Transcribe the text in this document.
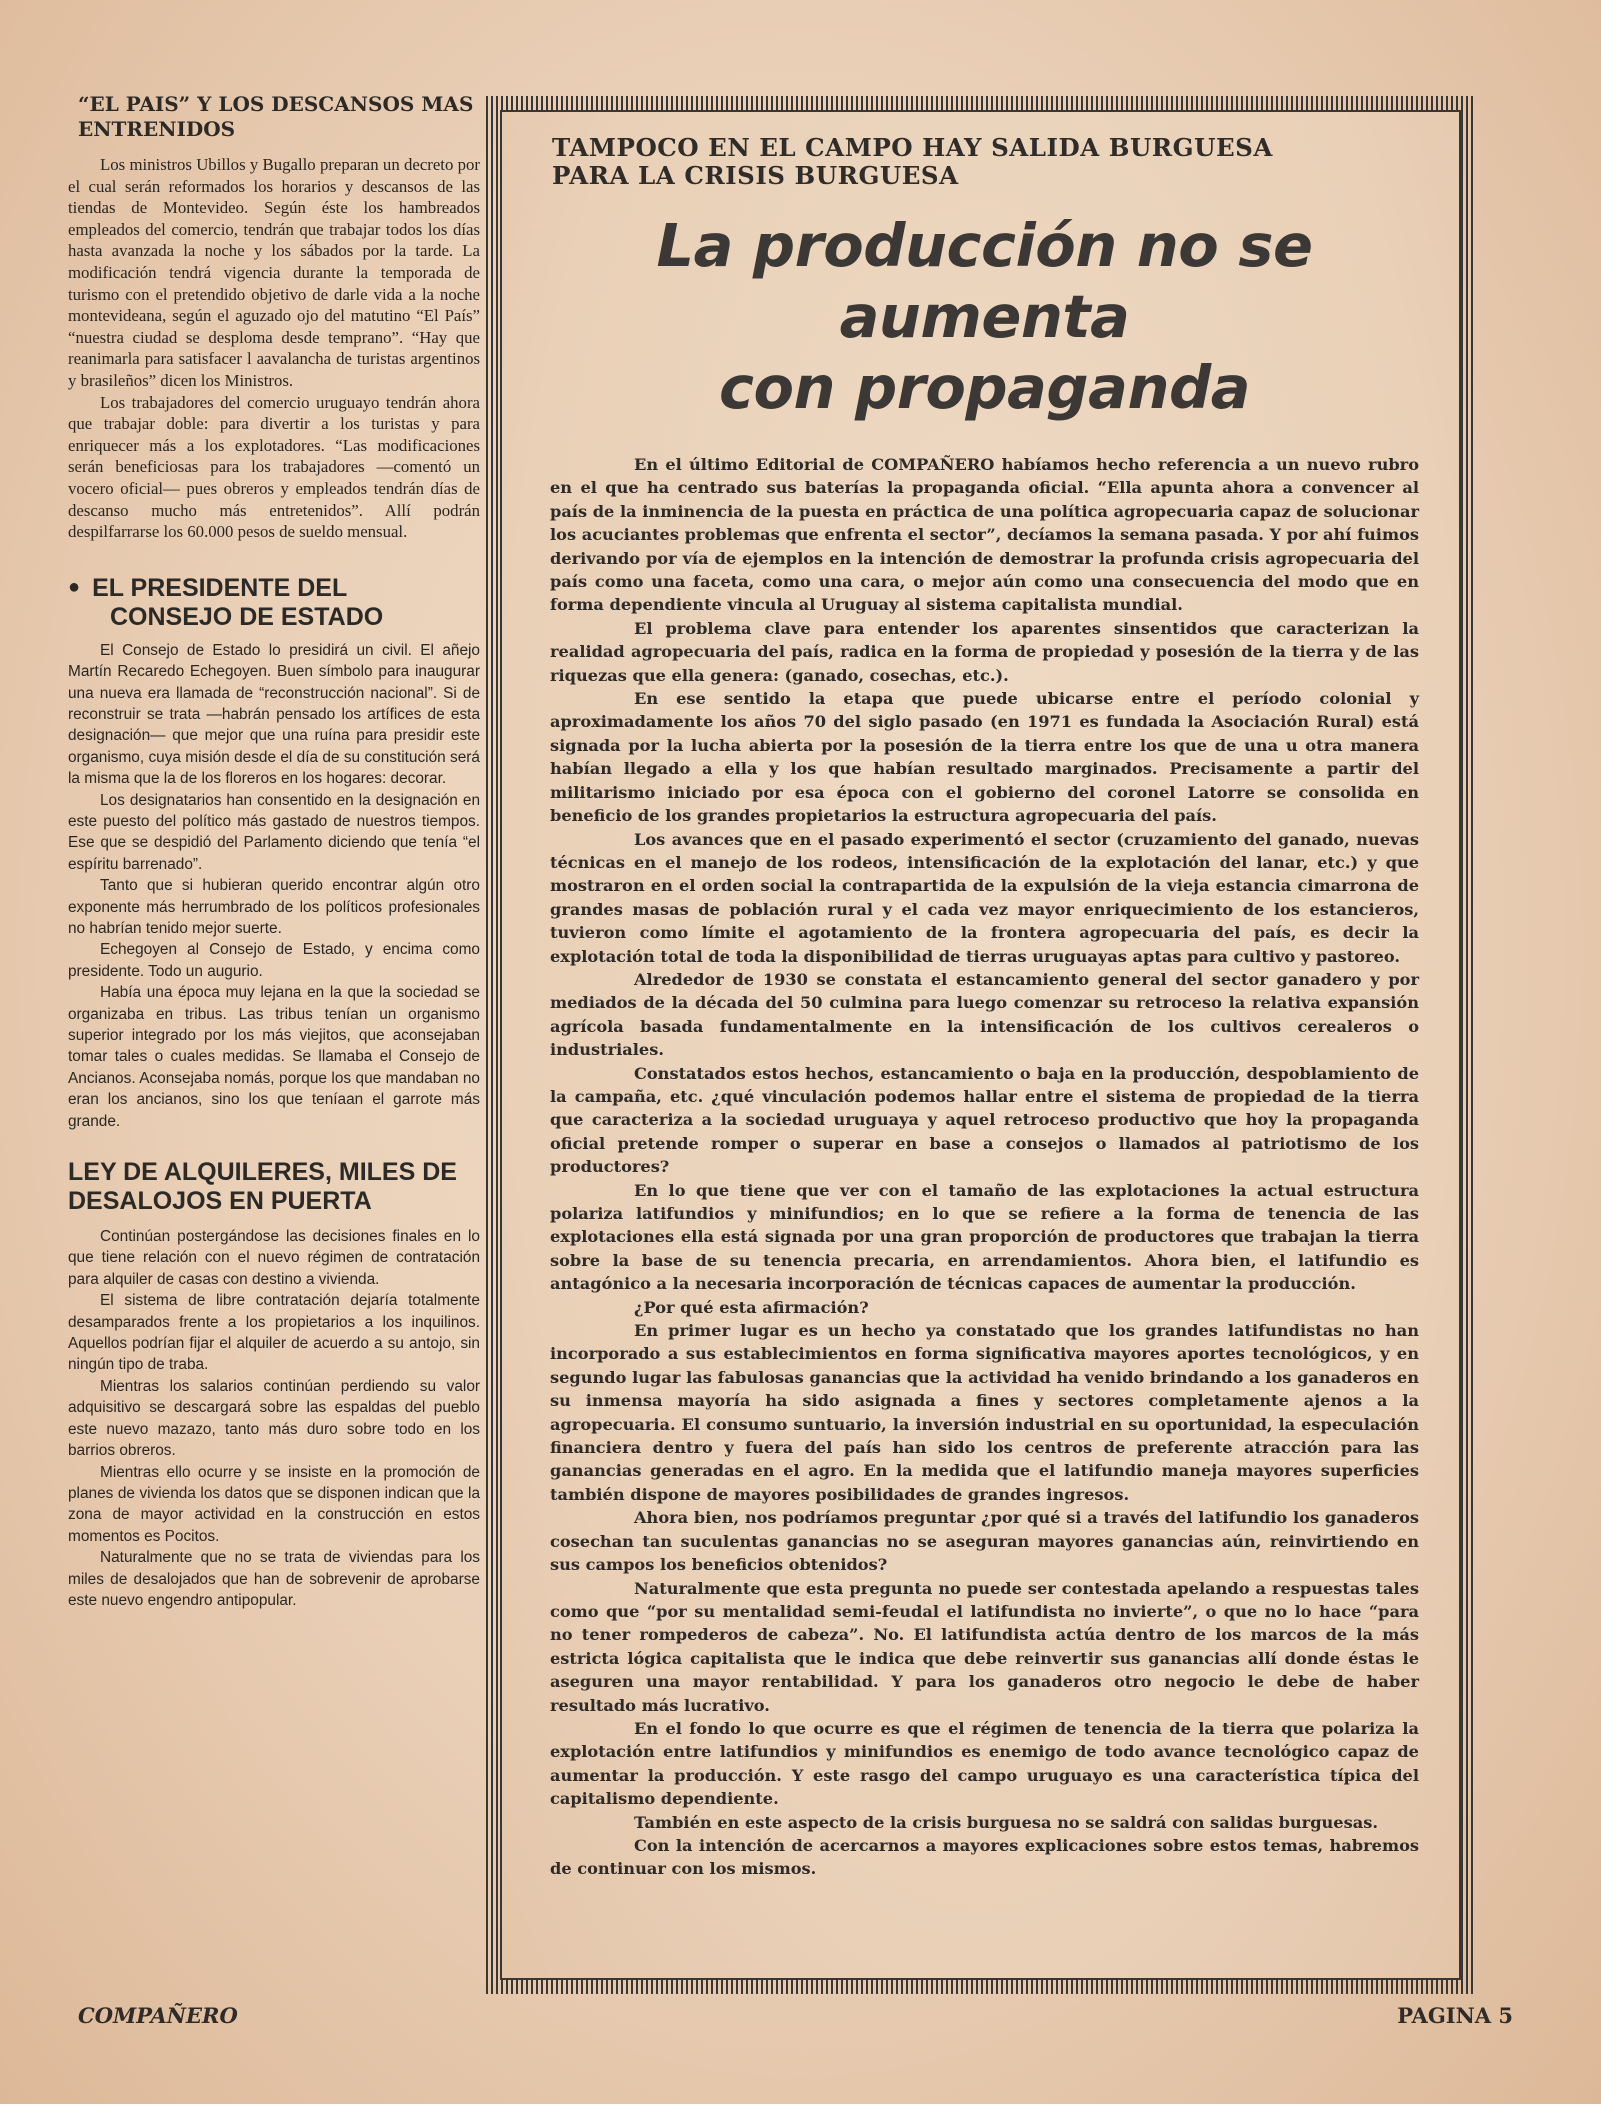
“EL PAIS” Y LOS DESCANSOS MAS ENTRENIDOS

Los ministros Ubillos y Bugallo preparan un decreto por el cual serán reformados los horarios y descansos de las tiendas de Montevideo. Según éste los hambreados empleados del comercio, tendrán que trabajar todos los días hasta avanzada la noche y los sábados por la tarde. La modificación tendrá vigencia durante la temporada de turismo con el pretendido objetivo de darle vida a la noche montevideana, según el aguzado ojo del matutino “El País” “nuestra ciudad se desploma desde temprano”. “Hay que reanimarla para satisfacer l aavalancha de turistas argentinos y brasileños” dicen los Ministros.

Los trabajadores del comercio uruguayo tendrán ahora que trabajar doble: para divertir a los turistas y para enriquecer más a los explotadores. “Las modificaciones serán beneficiosas para los trabajadores —comentó un vocero oficial— pues obreros y empleados tendrán días de descanso mucho más entretenidos”. Allí podrán despilfarrarse los 60.000 pesos de sueldo mensual.

● EL PRESIDENTE DEL
CONSEJO DE ESTADO

El Consejo de Estado lo presidirá un civil. El añejo Martín Recaredo Echegoyen. Buen símbolo para inaugurar una nueva era llamada de “reconstrucción nacional”. Si de reconstruir se trata —habrán pensado los artífices de esta designación— que mejor que una ruína para presidir este organismo, cuya misión desde el día de su constitución será la misma que la de los floreros en los hogares: decorar.

Los designatarios han consentido en la designación en este puesto del político más gastado de nuestros tiempos. Ese que se despidió del Parlamento diciendo que tenía “el espíritu barrenado”.

Tanto que si hubieran querido encontrar algún otro exponente más herrumbrado de los políticos profesionales no habrían tenido mejor suerte.

Echegoyen al Consejo de Estado, y encima como presidente. Todo un augurio.

Había una época muy lejana en la que la sociedad se organizaba en tribus. Las tribus tenían un organismo superior integrado por los más viejitos, que aconsejaban tomar tales o cuales medidas. Se llamaba el Consejo de Ancianos. Aconsejaba nomás, porque los que mandaban no eran los ancianos, sino los que teníaan el garrote más grande.

LEY DE ALQUILERES, MILES DE DESALOJOS EN PUERTA

Continúan postergándose las decisiones finales en lo que tiene relación con el nuevo régimen de contratación para alquiler de casas con destino a vivienda.

El sistema de libre contratación dejaría totalmente desamparados frente a los propietarios a los inquilinos. Aquellos podrían fijar el alquiler de acuerdo a su antojo, sin ningún tipo de traba.

Mientras los salarios continúan perdiendo su valor adquisitivo se descargará sobre las espaldas del pueblo este nuevo mazazo, tanto más duro sobre todo en los barrios obreros.

Mientras ello ocurre y se insiste en la promoción de planes de vivienda los datos que se disponen indican que la zona de mayor actividad en la construcción en estos momentos es Pocitos.

Naturalmente que no se trata de viviendas para los miles de desalojados que han de sobrevenir de aprobarse este nuevo engendro antipopular.

TAMPOCO EN EL CAMPO HAY SALIDA BURGUESA
PARA LA CRISIS BURGUESA
La producción no se aumenta
con propaganda

En el último Editorial de COMPAÑERO habíamos hecho referencia a un nuevo rubro en el que ha centrado sus baterías la propaganda oficial. “Ella apunta ahora a convencer al país de la inminencia de la puesta en práctica de una política agropecuaria capaz de solucionar los acuciantes problemas que enfrenta el sector”, decíamos la semana pasada. Y por ahí fuimos derivando por vía de ejemplos en la intención de demostrar la profunda crisis agropecuaria del país como una faceta, como una cara, o mejor aún como una consecuencia del modo que en forma dependiente vincula al Uruguay al sistema capitalista mundial.

El problema clave para entender los aparentes sinsentidos que caracterizan la realidad agropecuaria del país, radica en la forma de propiedad y posesión de la tierra y de las riquezas que ella genera: (ganado, cosechas, etc.).

En ese sentido la etapa que puede ubicarse entre el período colonial y aproximadamente los años 70 del siglo pasado (en 1971 es fundada la Asociación Rural) está signada por la lucha abierta por la posesión de la tierra entre los que de una u otra manera habían llegado a ella y los que habían resultado marginados. Precisamente a partir del militarismo iniciado por esa época con el gobierno del coronel Latorre se consolida en beneficio de los grandes propietarios la estructura agropecuaria del país.

Los avances que en el pasado experimentó el sector (cruzamiento del ganado, nuevas técnicas en el manejo de los rodeos, intensificación de la explotación del lanar, etc.) y que mostraron en el orden social la contrapartida de la expulsión de la vieja estancia cimarrona de grandes masas de población rural y el cada vez mayor enriquecimiento de los estancieros, tuvieron como límite el agotamiento de la frontera agropecuaria del país, es decir la explotación total de toda la disponibilidad de tierras uruguayas aptas para cultivo y pastoreo.

Alrededor de 1930 se constata el estancamiento general del sector ganadero y por mediados de la década del 50 culmina para luego comenzar su retroceso la relativa expansión agrícola basada fundamentalmente en la intensificación de los cultivos cerealeros o industriales.

Constatados estos hechos, estancamiento o baja en la producción, despoblamiento de la campaña, etc. ¿qué vinculación podemos hallar entre el sistema de propiedad de la tierra que caracteriza a la sociedad uruguaya y aquel retroceso productivo que hoy la propaganda oficial pretende romper o superar en base a consejos o llamados al patriotismo de los productores?

En lo que tiene que ver con el tamaño de las explotaciones la actual estructura polariza latifundios y minifundios; en lo que se refiere a la forma de tenencia de las explotaciones ella está signada por una gran proporción de productores que trabajan la tierra sobre la base de su tenencia precaria, en arrendamientos. Ahora bien, el latifundio es antagónico a la necesaria incorporación de técnicas capaces de aumentar la producción.

¿Por qué esta afirmación?

En primer lugar es un hecho ya constatado que los grandes latifundistas no han incorporado a sus establecimientos en forma significativa mayores aportes tecnológicos, y en segundo lugar las fabulosas ganancias que la actividad ha venido brindando a los ganaderos en su inmensa mayoría ha sido asignada a fines y sectores completamente ajenos a la agropecuaria. El consumo suntuario, la inversión industrial en su oportunidad, la especulación financiera dentro y fuera del país han sido los centros de preferente atracción para las ganancias generadas en el agro. En la medida que el latifundio maneja mayores superficies también dispone de mayores posibilidades de grandes ingresos.

Ahora bien, nos podríamos preguntar ¿por qué si a través del latifundio los ganaderos cosechan tan suculentas ganancias no se aseguran mayores ganancias aún, reinvirtiendo en sus campos los beneficios obtenidos?

Naturalmente que esta pregunta no puede ser contestada apelando a respuestas tales como que “por su mentalidad semi-feudal el latifundista no invierte”, o que no lo hace “para no tener rompederos de cabeza”. No. El latifundista actúa dentro de los marcos de la más estricta lógica capitalista que le indica que debe reinvertir sus ganancias allí donde éstas le aseguren una mayor rentabilidad. Y para los ganaderos otro negocio le debe de haber resultado más lucrativo.

En el fondo lo que ocurre es que el régimen de tenencia de la tierra que polariza la explotación entre latifundios y minifundios es enemigo de todo avance tecnológico capaz de aumentar la producción. Y este rasgo del campo uruguayo es una característica típica del capitalismo dependiente.

También en este aspecto de la crisis burguesa no se saldrá con salidas burguesas.

Con la intención de acercarnos a mayores explicaciones sobre estos temas, habremos de continuar con los mismos.

COMPAÑERO	PAGINA 5
